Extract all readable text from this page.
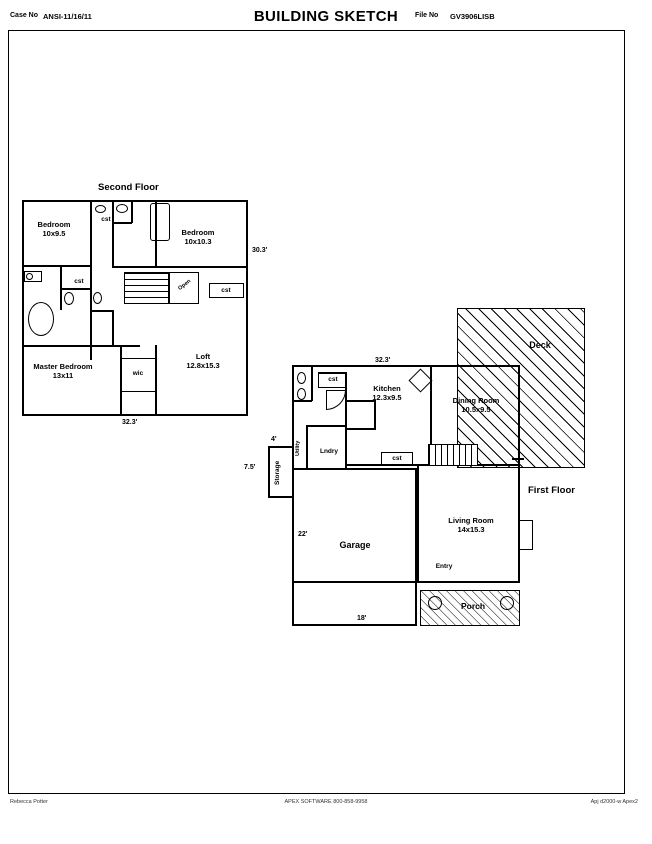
Case No ANSI-11/16/11	BUILDING SKETCH	File No GV3906LISB
Second Floor
Bedroom
10x9.5	Bedroom
10x10.3
Master Bedroom
13x11
Loft
12.8x15.3
cst
cst
cst
wic
Open
30.3'
32.3'
First Floor
Deck
Garage
Storage
Utility	Lndry
cst
cst
Porch
Kitchen
12.3x9.5	Dining Room
10.5x9.5
Living Room
14x15.3
Entry
32.3'
4'
7.5'
22'
18'
Rebecca Potter	APEX SOFTWARE 800-858-9958	Apj d2000-w Apex2
